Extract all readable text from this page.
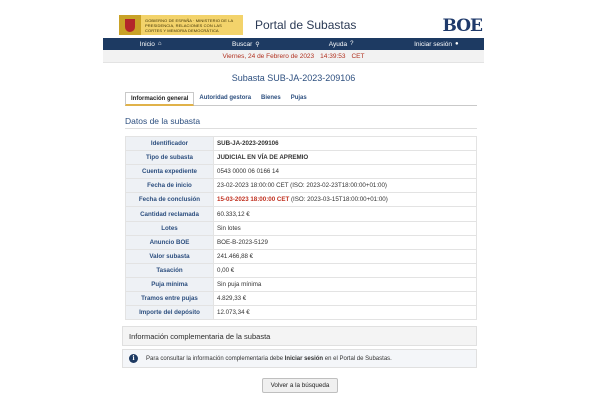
GOBIERNO DE ESPAÑA · MINISTERIO DE LA PRESIDENCIA, RELACIONES CON LAS CORTES Y MEMORIA DEMOCRÁTICA	Portal de Subastas	BOE
Inicio ⌂	Buscar ⚲	Ayuda ?	Iniciar sesión ●
Viernes, 24 de Febrero de 2023 14:39:53 CET
Subasta SUB-JA-2023-209106
Información general	Autoridad gestora	Bienes	Pujas
Datos de la subasta
Identificador	SUB-JA-2023-209106
Tipo de subasta	JUDICIAL EN VÍA DE APREMIO
Cuenta expediente	0543 0000 06 0166 14
Fecha de inicio	23-02-2023 18:00:00 CET (ISO: 2023-02-23T18:00:00+01:00)
Fecha de conclusión	15-03-2023 18:00:00 CET (ISO: 2023-03-15T18:00:00+01:00)
Cantidad reclamada	60.333,12 €
Lotes	Sin lotes
Anuncio BOE	BOE-B-2023-5129
Valor subasta	241.466,88 €
Tasación	0,00 €
Puja mínima	Sin puja mínima
Tramos entre pujas	4.829,33 €
Importe del depósito	12.073,34 €
Información complementaria de la subasta
i	Para consultar la información complementaria debe Iniciar sesión en el Portal de Subastas.
Volver a la búsqueda
